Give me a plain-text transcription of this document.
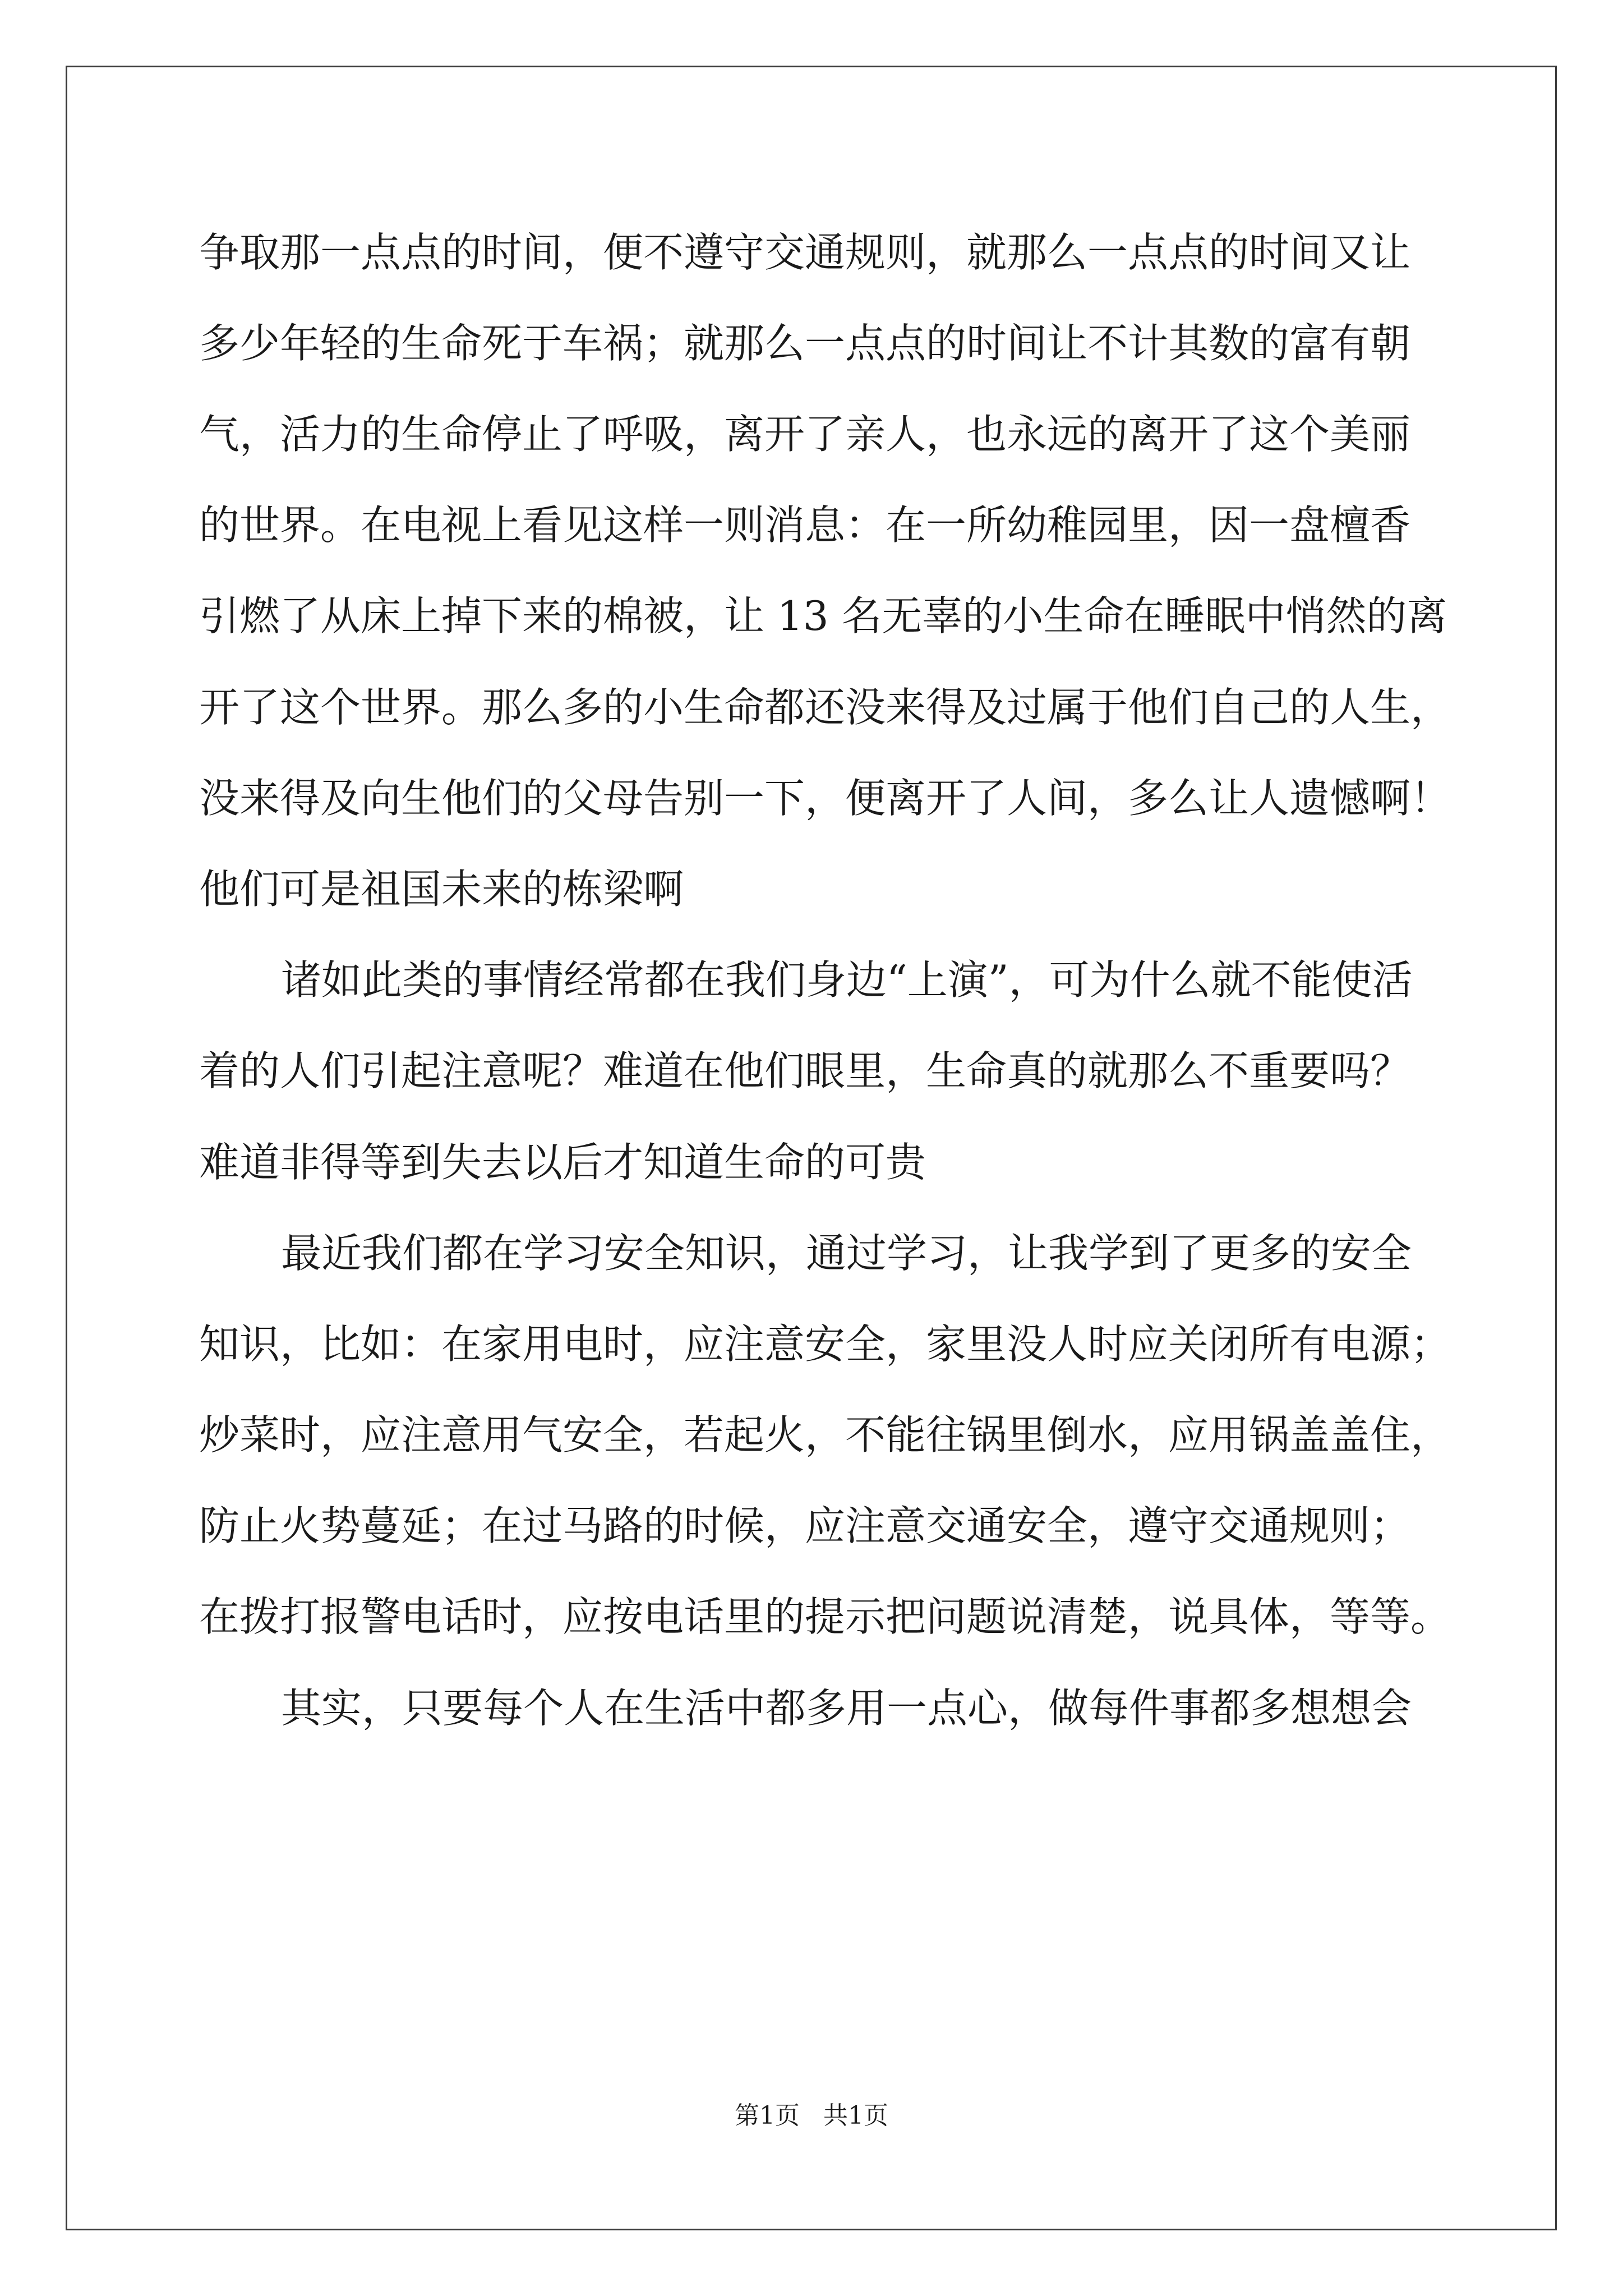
争取那一点点的时间，便不遵守交通规则，就那么一点点的时间又让
多少年轻的生命死于车祸；就那么一点点的时间让不计其数的富有朝
气，活力的生命停止了呼吸，离开了亲人，也永远的离开了这个美丽
的世界。在电视上看见这样一则消息：在一所幼稚园里，因一盘檀香
引燃了从床上掉下来的棉被，让 13 名无辜的小生命在睡眠中悄然的离
开了这个世界。那么多的小生命都还没来得及过属于他们自己的人生，
没来得及向生他们的父母告别一下，便离开了人间，多么让人遗憾啊！
他们可是祖国未来的栋梁啊
诸如此类的事情经常都在我们身边“上演”，可为什么就不能使活
着的人们引起注意呢？难道在他们眼里，生命真的就那么不重要吗？
难道非得等到失去以后才知道生命的可贵
最近我们都在学习安全知识，通过学习，让我学到了更多的安全
知识，比如：在家用电时，应注意安全，家里没人时应关闭所有电源；
炒菜时，应注意用气安全，若起火，不能往锅里倒水，应用锅盖盖住，
防止火势蔓延；在过马路的时候，应注意交通安全，遵守交通规则；
在拨打报警电话时，应按电话里的提示把问题说清楚，说具体，等等。
其实，只要每个人在生活中都多用一点心，做每件事都多想想会
第1页   共1页
